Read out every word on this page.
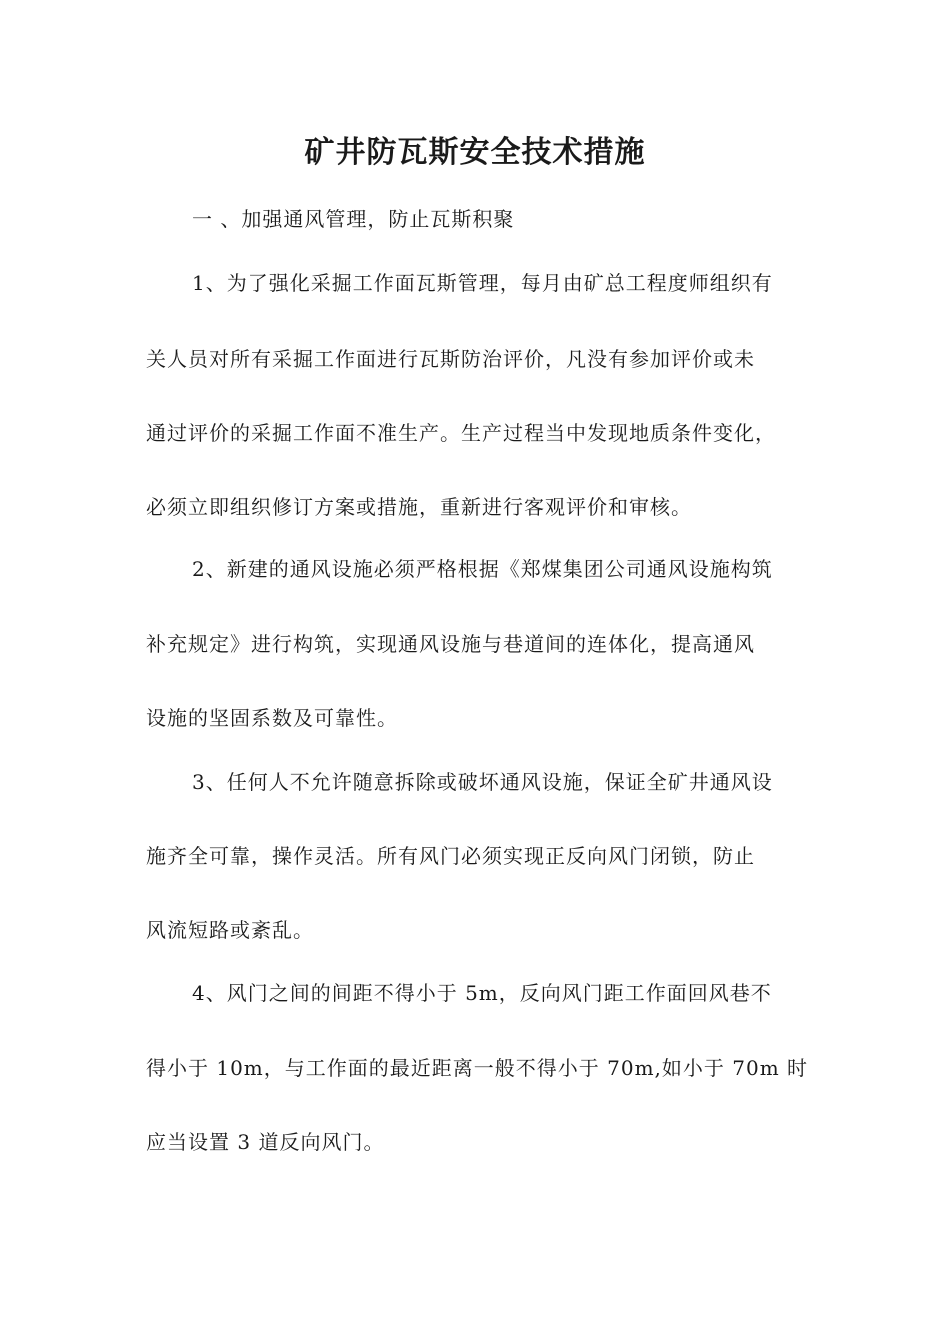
矿井防瓦斯安全技术措施
一 、加强通风管理，防止瓦斯积聚
1、为了强化采掘工作面瓦斯管理，每月由矿总工程度师组织有
关人员对所有采掘工作面进行瓦斯防治评价，凡没有参加评价或未
通过评价的采掘工作面不准生产。生产过程当中发现地质条件变化，
必须立即组织修订方案或措施，重新进行客观评价和审核。
2、新建的通风设施必须严格根据《郑煤集团公司通风设施构筑
补充规定》进行构筑，实现通风设施与巷道间的连体化，提高通风
设施的坚固系数及可靠性。
3、任何人不允许随意拆除或破坏通风设施，保证全矿井通风设
施齐全可靠，操作灵活。所有风门必须实现正反向风门闭锁，防止
风流短路或紊乱。
4、风门之间的间距不得小于 5m，反向风门距工作面回风巷不
得小于 10m，与工作面的最近距离一般不得小于 70m,如小于 70m 时
应当设置 3 道反向风门。
